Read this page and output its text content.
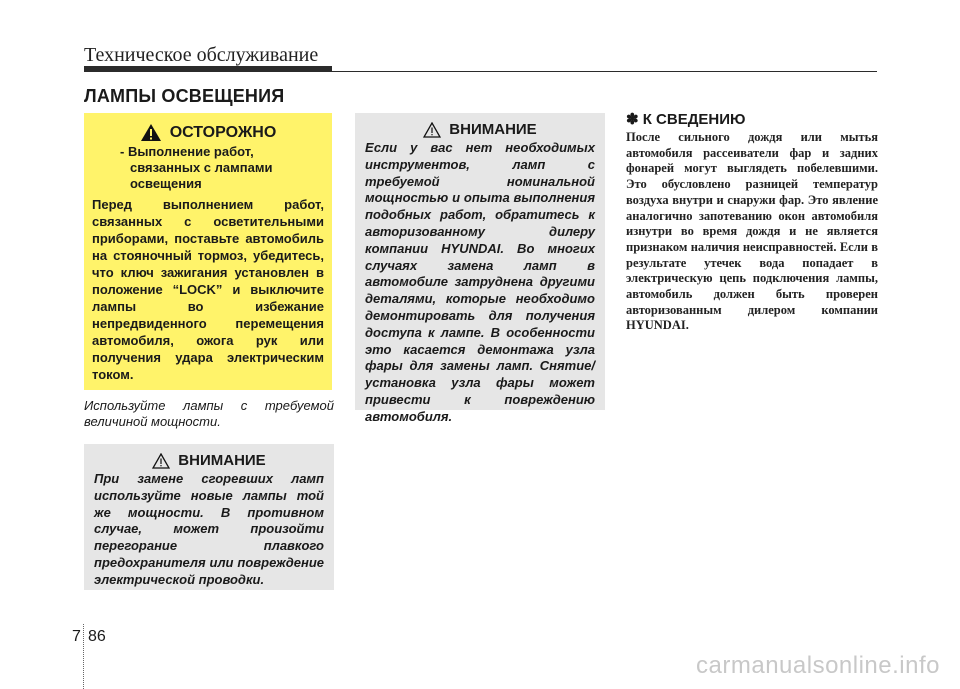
Техническое обслуживание
ЛАМПЫ ОСВЕЩЕНИЯ
ОСТОРОЖНО
- Выполнение работ, связанных с лампами освещения
Перед выполнением работ, связанных с осветительными приборами, поставьте автомобиль на стояночный тормоз, убедитесь, что ключ зажигания установлен в положение “LOCK” и выключите лампы во избежание непредвиденного перемещения автомобиля, ожога рук или получения удара электрическим током.
Используйте лампы с требуемой величиной мощности.
ВНИМАНИЕ
При замене сгоревших ламп используйте новые лампы той же мощности. В противном случае, может произойти перегорание плавкого предохранителя или повреждение электрической проводки.
ВНИМАНИЕ
Если у вас нет необходимых инструментов, ламп с требуемой номинальной мощностью и опыта выполнения подобных работ, обратитесь к авторизованному дилеру компании HYUNDAI. Во многих случаях замена ламп в автомобиле затруднена другими деталями, которые необходимо демонтировать для получения доступа к лампе. В особенности это касается демонтажа узла фары для замены ламп. Снятие/установка узла фары может привести к повреждению автомобиля.
✽ К СВЕДЕНИЮ
После сильного дождя или мытья автомобиля рассеиватели фар и задних фонарей могут выглядеть побелевшими. Это обусловлено разницей температур воздуха внутри и снаружи фар. Это явление аналогично запотеванию окон автомобиля изнутри во время дождя и не является признаком наличия неисправностей. Если в результате утечек вода попадает в электрическую цепь подключения лампы, автомобиль должен быть проверен авторизованным дилером компании HYUNDAI.
7 86
carmanualsonline.info
